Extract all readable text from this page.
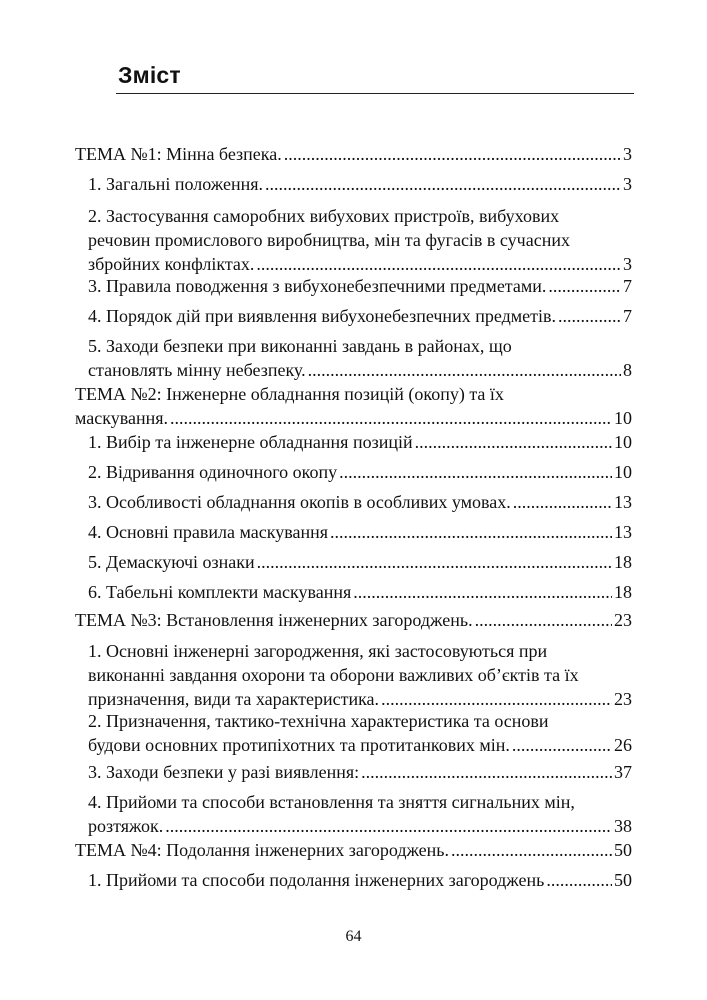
Зміст
ТЕМА №1: Мінна безпека. .....	3
1. Загальні положення. .....	3
2. Застосування саморобних вибухових пристроїв, вибухових
речовин промислового виробництва, мін та фугасів в сучасних
збройних конфліктах. .....	3
3. Правила поводження з вибухонебезпечними предметами. .....	7
4. Порядок дій при виявлення вибухонебезпечних предметів. .....	7
5. Заходи безпеки при виконанні завдань в районах, що
становлять мінну небезпеку. .....	8
ТЕМА №2: Інженерне обладнання позицій (окопу) та їх
маскування. .....	10
1. Вибір та інженерне обладнання позицій .....	10
2. Відривання одиночного окопу .....	10
3. Особливості обладнання окопів в особливих умовах. .....	13
4. Основні правила маскування .....	13
5. Демаскуючі ознаки .....	18
6. Табельні комплекти маскування .....	18
ТЕМА №3: Встановлення інженерних загороджень. .....	23
1. Основні інженерні загородження, які застосовуються при
виконанні завдання охорони та оборони важливих об’єктів та їх
призначення, види та характеристика. .....	23
2. Призначення, тактико-технічна характеристика та основи
будови основних протипіхотних та протитанкових мін. .....	26
3. Заходи безпеки у разі виявлення: .....	37
4. Прийоми та способи встановлення та зняття сигнальних мін,
розтяжок. .....	38
ТЕМА №4: Подолання інженерних загороджень. .....	50
1. Прийоми та способи подолання інженерних загороджень .....	50
64
